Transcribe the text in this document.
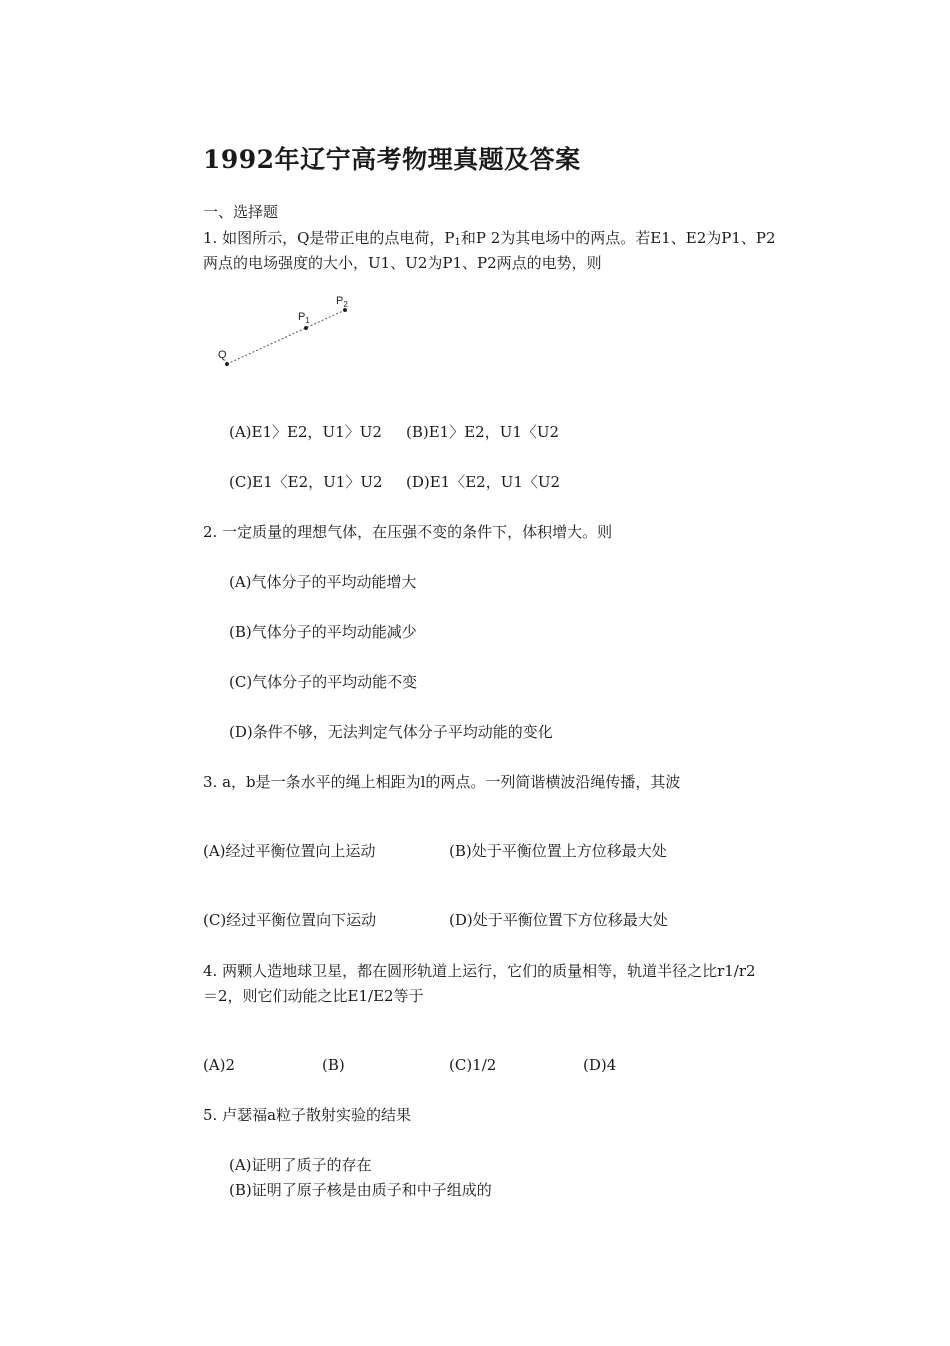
1992年辽宁高考物理真题及答案
一、选择题
1. 如图所示，Q是带正电的点电荷，$P_1$和P 2为其电场中的两点。若E1、E2为P1、P2
两点的电场强度的大小，U1、U2为P1、P2两点的电势，则
Q
$P_1$
$P_2$
(A)E1〉E2，U1〉U2 (B)E1〉E2，U1〈U2
(C)E1〈E2，U1〉U2 (D)E1〈E2，U1〈U2
2. 一定质量的理想气体，在压强不变的条件下，体积增大。则
(A)气体分子的平均动能增大
(B)气体分子的平均动能减少
(C)气体分子的平均动能不变
(D)条件不够，无法判定气体分子平均动能的变化
3. a，b是一条水平的绳上相距为l的两点。一列简谐横波沿绳传播，其波
(A)经过平衡位置向上运动	(B)处于平衡位置上方位移最大处
(C)经过平衡位置向下运动	(D)处于平衡位置下方位移最大处
4. 两颗人造地球卫星，都在圆形轨道上运行，它们的质量相等，轨道半径之比r1/r2
＝2，则它们动能之比E1/E2等于
(A)2	(B)	(C)1/2	(D)4
5. 卢瑟福a粒子散射实验的结果
(A)证明了质子的存在
(B)证明了原子核是由质子和中子组成的
